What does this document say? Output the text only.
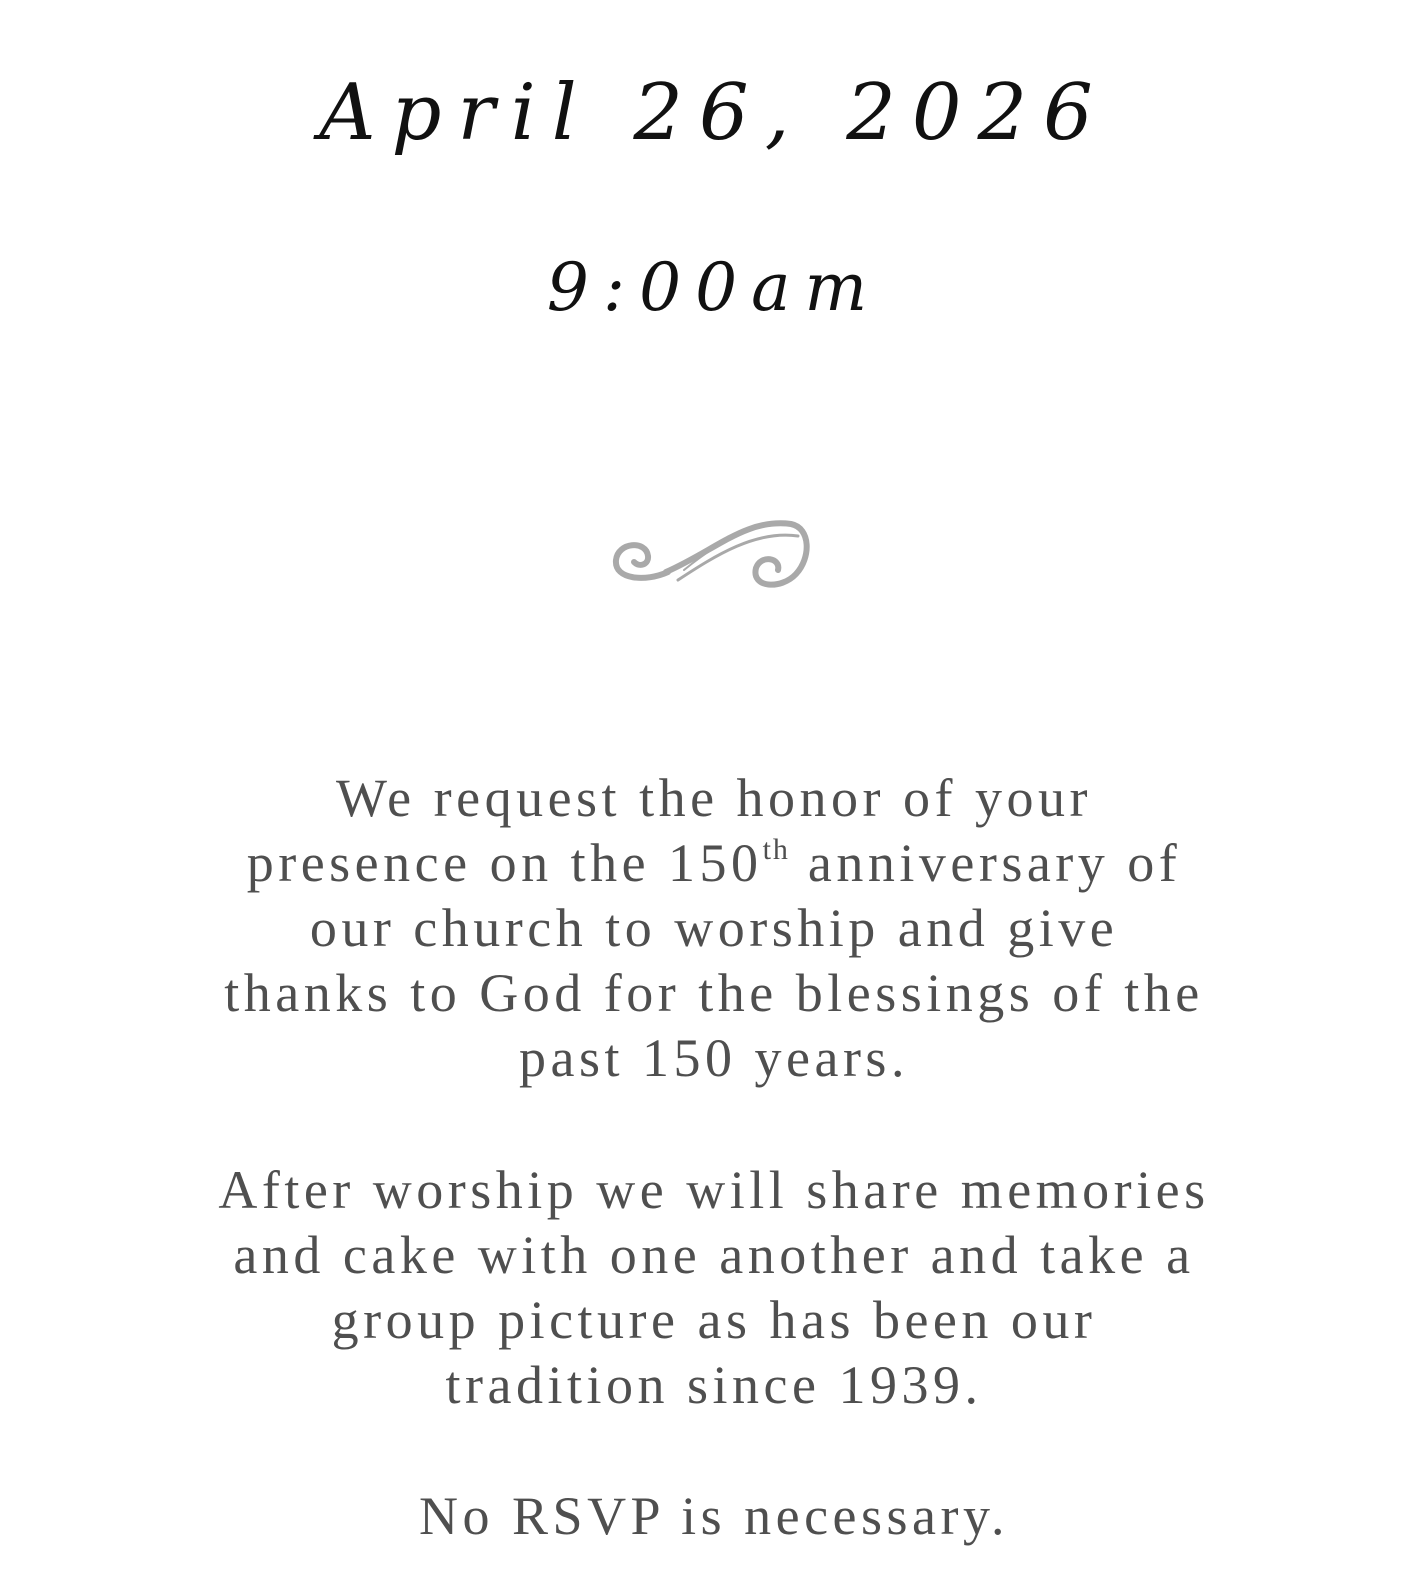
April 26, 2026
9:00am
We request the honor of your
presence on the 150th anniversary of
our church to worship and give
thanks to God for the blessings of the
past 150 years.
After worship we will share memories
and cake with one another and take a
group picture as has been our
tradition since 1939.
No RSVP is necessary.
